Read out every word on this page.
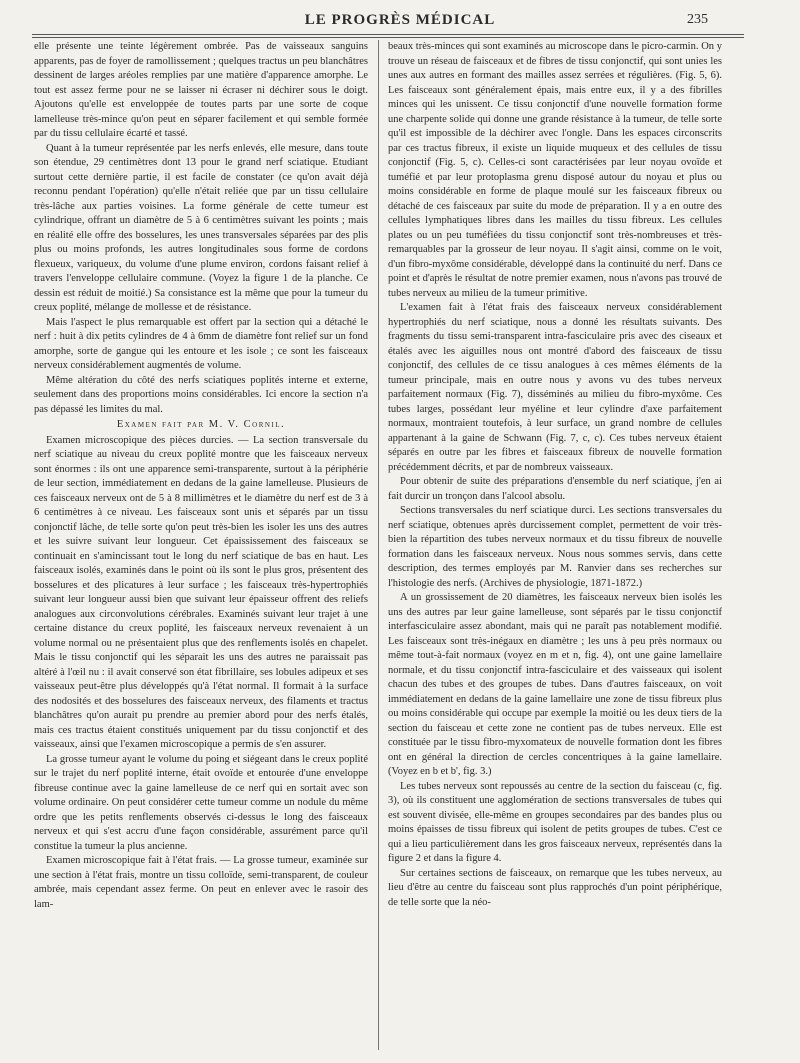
LE PROGRÈS MÉDICAL	235

elle présente une teinte légèrement ombrée. Pas de vaisseaux sanguins apparents, pas de foyer de ramollissement ; quelques tractus un peu blanchâtres dessinent de larges aréoles remplies par une matière d'apparence amorphe. Le tout est assez ferme pour ne se laisser ni écraser ni déchirer sous le doigt. Ajoutons qu'elle est enveloppée de toutes parts par une sorte de coque lamelleuse très-mince qu'on peut en séparer facilement et qui semble formée par du tissu cellulaire écarté et tassé.

Quant à la tumeur représentée par les nerfs enlevés, elle mesure, dans toute son étendue, 29 centimètres dont 13 pour le grand nerf sciatique. Etudiant surtout cette dernière partie, il est facile de constater (ce qu'on avait déjà reconnu pendant l'opération) qu'elle n'était reliée que par un tissu cellulaire très-lâche aux parties voisines. La forme générale de cette tumeur est cylindrique, offrant un diamètre de 5 à 6 centimètres suivant les points ; mais en réalité elle offre des bosselures, les unes transversales séparées par des plis plus ou moins profonds, les autres longitudinales sous forme de cordons flexueux, variqueux, du volume d'une plume environ, cordons faisant relief à travers l'enveloppe cellulaire commune. (Voyez la figure 1 de la planche. Ce dessin est réduit de moitié.) Sa consistance est la même que pour la tumeur du creux poplité, mélange de mollesse et de résistance.

Mais l'aspect le plus remarquable est offert par la section qui a détaché le nerf : huit à dix petits cylindres de 4 à 6mm de diamètre font relief sur un fond amorphe, sorte de gangue qui les entoure et les isole ; ce sont les faisceaux nerveux considérablement augmentés de volume.

Même altération du côté des nerfs sciatiques poplités interne et externe, seulement dans des proportions moins considérables. Ici encore la section n'a pas dépassé les limites du mal.

Examen fait par M. V. Cornil.

Examen microscopique des pièces durcies. — La section transversale du nerf sciatique au niveau du creux poplité montre que les faisceaux nerveux sont énormes : ils ont une apparence semi-transparente, surtout à la périphérie de leur section, immédiatement en dedans de la gaine lamelleuse. Plusieurs de ces faisceaux nerveux ont de 5 à 8 millimètres et le diamètre du nerf est de 3 à 6 centimètres à ce niveau. Les faisceaux sont unis et séparés par un tissu conjonctif lâche, de telle sorte qu'on peut très-bien les isoler les uns des autres et les suivre suivant leur longueur. Cet épaississement des faisceaux se continuait en s'amincissant tout le long du nerf sciatique de bas en haut. Les faisceaux isolés, examinés dans le point où ils sont le plus gros, présentent des bosselures et des plicatures à leur surface ; les faisceaux très-hypertrophiés suivant leur longueur aussi bien que suivant leur épaisseur offrent des reliefs analogues aux circonvolutions cérébrales. Examinés suivant leur trajet à une certaine distance du creux poplité, les faisceaux nerveux revenaient à un volume normal ou ne présentaient plus que des renflements isolés en chapelet. Mais le tissu conjonctif qui les séparait les uns des autres ne paraissait pas altéré à l'œil nu : il avait conservé son état fibrillaire, ses lobules adipeux et ses vaisseaux peut-être plus développés qu'à l'état normal. Il formait à la surface des nodosités et des bosselures des faisceaux nerveux, des filaments et tractus blanchâtres qu'on aurait pu prendre au premier abord pour des nerfs étalés, mais ces tractus étaient constitués uniquement par du tissu conjonctif et des vaisseaux, ainsi que l'examen microscopique a permis de s'en assurer.

La grosse tumeur ayant le volume du poing et siégeant dans le creux poplité sur le trajet du nerf poplité interne, était ovoïde et entourée d'une enveloppe fibreuse continue avec la gaine lamelleuse de ce nerf qui en sortait avec son volume ordinaire. On peut considérer cette tumeur comme un nodule du même ordre que les petits renflements observés ci-dessus le long des faisceaux nerveux et qui s'est accru d'une façon considérable, assurément parce qu'il constitue la tumeur la plus ancienne.

Examen microscopique fait à l'état frais. — La grosse tumeur, examinée sur une section à l'état frais, montre un tissu colloïde, semi-transparent, de couleur ambrée, mais cependant assez ferme. On peut en enlever avec le rasoir des lam-

beaux très-minces qui sont examinés au microscope dans le picro-carmin. On y trouve un réseau de faisceaux et de fibres de tissu conjonctif, qui sont unies les unes aux autres en formant des mailles assez serrées et régulières. (Fig. 5, 6). Les faisceaux sont généralement épais, mais entre eux, il y a des fibrilles minces qui les unissent. Ce tissu conjonctif d'une nouvelle formation forme une charpente solide qui donne une grande résistance à la tumeur, de telle sorte qu'il est impossible de la déchirer avec l'ongle. Dans les espaces circonscrits par ces tractus fibreux, il existe un liquide muqueux et des cellules de tissu conjonctif (Fig. 5, c). Celles-ci sont caractérisées par leur noyau ovoïde et tuméfié et par leur protoplasma grenu disposé autour du noyau et plus ou moins considérable en forme de plaque moulé sur les faisceaux fibreux ou détaché de ces faisceaux par suite du mode de préparation. Il y a en outre des cellules lymphatiques libres dans les mailles du tissu fibreux. Les cellules plates ou un peu tuméfiées du tissu conjonctif sont très-nombreuses et très-remarquables par la grosseur de leur noyau. Il s'agit ainsi, comme on le voit, d'un fibro-myxôme considérable, développé dans la continuité du nerf. Dans ce point et d'après le résultat de notre premier examen, nous n'avons pas trouvé de tubes nerveux au milieu de la tumeur primitive.

L'examen fait à l'état frais des faisceaux nerveux considérablement hypertrophiés du nerf sciatique, nous a donné les résultats suivants. Des fragments du tissu semi-transparent intra-fasciculaire pris avec des ciseaux et étalés avec les aiguilles nous ont montré d'abord des faisceaux de tissu conjonctif, des cellules de ce tissu analogues à ces mêmes éléments de la tumeur principale, mais en outre nous y avons vu des tubes nerveux parfaitement normaux (Fig. 7), disséminés au milieu du fibro-myxôme. Ces tubes larges, possédant leur myéline et leur cylindre d'axe parfaitement normaux, montraient toutefois, à leur surface, un grand nombre de cellules appartenant à la gaine de Schwann (Fig. 7, c, c). Ces tubes nerveux étaient séparés en outre par les fibres et faisceaux fibreux de nouvelle formation précédemment décrits, et par de nombreux vaisseaux.

Pour obtenir de suite des préparations d'ensemble du nerf sciatique, j'en ai fait durcir un tronçon dans l'alcool absolu.

Sections transversales du nerf sciatique durci. Les sections transversales du nerf sciatique, obtenues après durcissement complet, permettent de voir très-bien la répartition des tubes nerveux normaux et du tissu fibreux de nouvelle formation dans les faisceaux nerveux. Nous nous sommes servis, dans cette description, des termes employés par M. Ranvier dans ses recherches sur l'histologie des nerfs. (Archives de physiologie, 1871-1872.)

A un grossissement de 20 diamètres, les faisceaux nerveux bien isolés les uns des autres par leur gaine lamelleuse, sont séparés par le tissu conjonctif interfasciculaire assez abondant, mais qui ne paraît pas notablement modifié. Les faisceaux sont très-inégaux en diamètre ; les uns à peu près normaux ou même tout-à-fait normaux (voyez en m et n, fig. 4), ont une gaine lamellaire normale, et du tissu conjonctif intra-fasciculaire et des vaisseaux qui isolent chacun des tubes et des groupes de tubes. Dans d'autres faisceaux, on voit immédiatement en dedans de la gaine lamellaire une zone de tissu fibreux plus ou moins considérable qui occupe par exemple la moitié ou les deux tiers de la section du faisceau et cette zone ne contient pas de tubes nerveux. Elle est constituée par le tissu fibro-myxomateux de nouvelle formation dont les fibres ont en général la direction de cercles concentriques à la gaine lamellaire. (Voyez en b et b', fig. 3.)

Les tubes nerveux sont repoussés au centre de la section du faisceau (c, fig. 3), où ils constituent une agglomération de sections transversales de tubes qui est souvent divisée, elle-même en groupes secondaires par des bandes plus ou moins épaisses de tissu fibreux qui isolent de petits groupes de tubes. C'est ce qui a lieu particulièrement dans les gros faisceaux nerveux, représentés dans la figure 2 et dans la figure 4.

Sur certaines sections de faisceaux, on remarque que les tubes nerveux, au lieu d'être au centre du faisceau sont plus rapprochés d'un point périphérique, de telle sorte que la néo-
